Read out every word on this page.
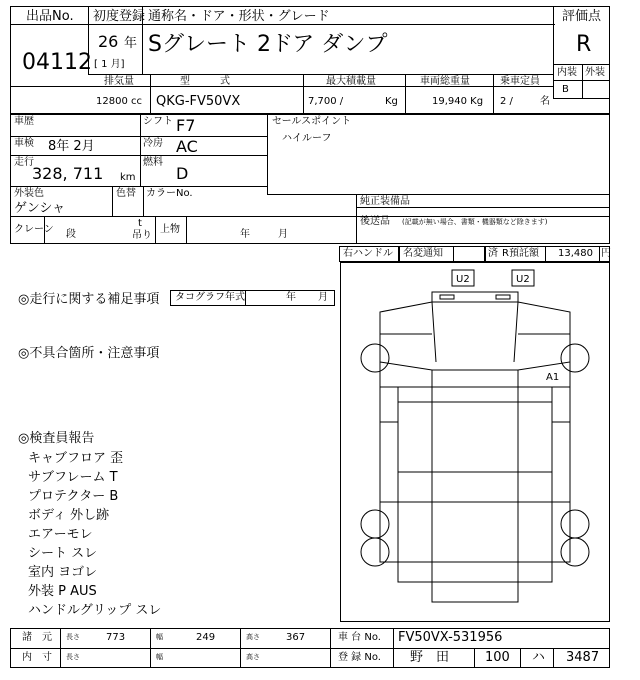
出品No.
04112
初度登録
26 年
[ 1 月]
通称名・ドア・形状・グレード
Sグレート 2ドア ダンプ
評価点
R
内装 外装
B
排気量
12800 cc
型　　　式
QKG-FV50VX
最大積載量
7,700 /	Kg
車両総重量
19,940 Kg
乗車定員
2 /	名
車歴	シフト F7
車検 8年 2月	冷房 AC
走行
328, 711 km
燃料
D
外装色
ゲンシャ
色替 カラーNo.
セールスポイント
ハイルーフ
純正装備品
後送品 (記載が無い場合、書類・機器類など除きます)
クレーン 段
t
吊り
上物	年	月
右ハンドル 名変通知	済 R預託額 13,480 円
◎走行に関する補足事項 タコグラフ年式	年 月
◎不具合箇所・注意事項
◎検査員報告
キャブフロア 歪
サブフレーム T
プロテクター B
ボディ 外し跡
エアーモレ
シート スレ
室内 ヨゴレ
外装 P AUS
ハンドルグリップ スレ
U2	U2
A1
諸　元 長さ	773	幅	249	高さ	367
内　寸 長さ	幅	高さ
車 台 No. FV50VX-531956
登 録 No. 野　田	100 ハ 3487
